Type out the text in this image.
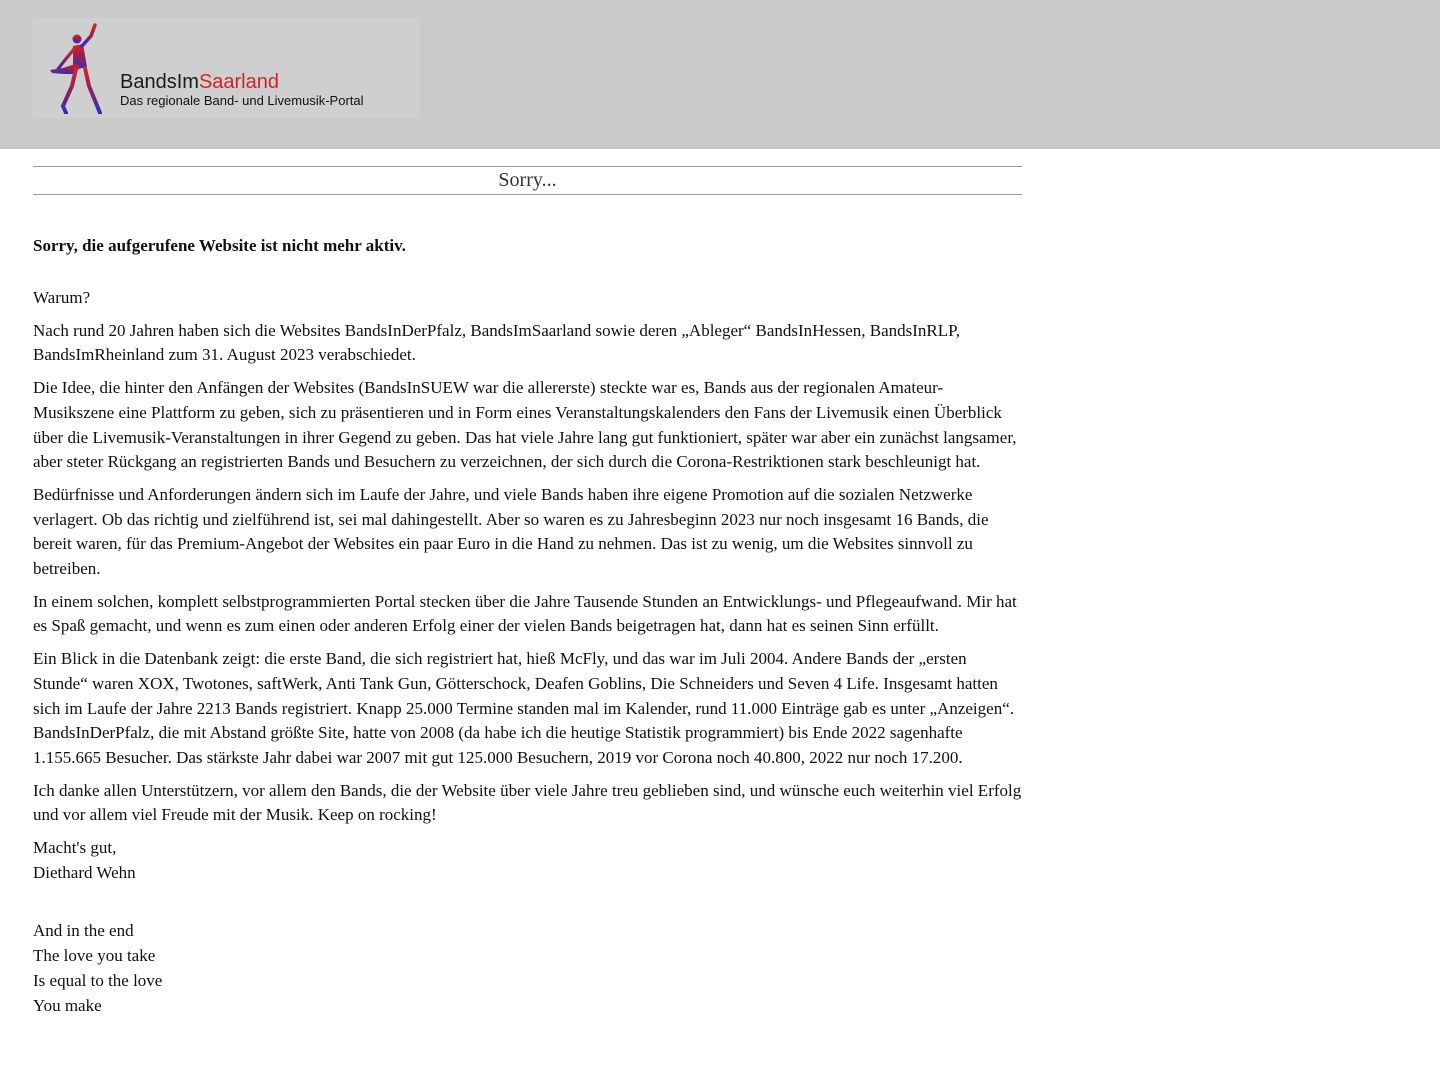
BandsImSaarland
Das regionale Band- und Livemusik-Portal
Sorry...
Sorry, die aufgerufene Website ist nicht mehr aktiv.

Warum?

Nach rund 20 Jahren haben sich die Websites BandsInDerPfalz, BandsImSaarland sowie deren „Ableger“ BandsInHessen, BandsInRLP, BandsImRheinland zum 31. August 2023 verabschiedet.

Die Idee, die hinter den Anfängen der Websites (BandsInSUEW war die allererste) steckte war es, Bands aus der regionalen Amateur-Musikszene eine Plattform zu geben, sich zu präsentieren und in Form eines Veranstaltungskalenders den Fans der Livemusik einen Überblick über die Livemusik-Veranstaltungen in ihrer Gegend zu geben. Das hat viele Jahre lang gut funktioniert, später war aber ein zunächst langsamer, aber steter Rückgang an registrierten Bands und Besuchern zu verzeichnen, der sich durch die Corona-Restriktionen stark beschleunigt hat.

Bedürfnisse und Anforderungen ändern sich im Laufe der Jahre, und viele Bands haben ihre eigene Promotion auf die sozialen Netzwerke verlagert. Ob das richtig und zielführend ist, sei mal dahingestellt. Aber so waren es zu Jahresbeginn 2023 nur noch insgesamt 16 Bands, die bereit waren, für das Premium-Angebot der Websites ein paar Euro in die Hand zu nehmen. Das ist zu wenig, um die Websites sinnvoll zu betreiben.

In einem solchen, komplett selbstprogrammierten Portal stecken über die Jahre Tausende Stunden an Entwicklungs- und Pflegeaufwand. Mir hat es Spaß gemacht, und wenn es zum einen oder anderen Erfolg einer der vielen Bands beigetragen hat, dann hat es seinen Sinn erfüllt.

Ein Blick in die Datenbank zeigt: die erste Band, die sich registriert hat, hieß McFly, und das war im Juli 2004. Andere Bands der „ersten Stunde“ waren XOX, Twotones, saftWerk, Anti Tank Gun, Götterschock, Deafen Goblins, Die Schneiders und Seven 4 Life. Insgesamt hatten sich im Laufe der Jahre 2213 Bands registriert. Knapp 25.000 Termine standen mal im Kalender, rund 11.000 Einträge gab es unter „Anzeigen“. BandsInDerPfalz, die mit Abstand größte Site, hatte von 2008 (da habe ich die heutige Statistik programmiert) bis Ende 2022 sagenhafte 1.155.665 Besucher. Das stärkste Jahr dabei war 2007 mit gut 125.000 Besuchern, 2019 vor Corona noch 40.800, 2022 nur noch 17.200.

Ich danke allen Unterstützern, vor allem den Bands, die der Website über viele Jahre treu geblieben sind, und wünsche euch weiterhin viel Erfolg und vor allem viel Freude mit der Musik. Keep on rocking!

Macht's gut,
Diethard Wehn

And in the end
The love you take
Is equal to the love
You make
